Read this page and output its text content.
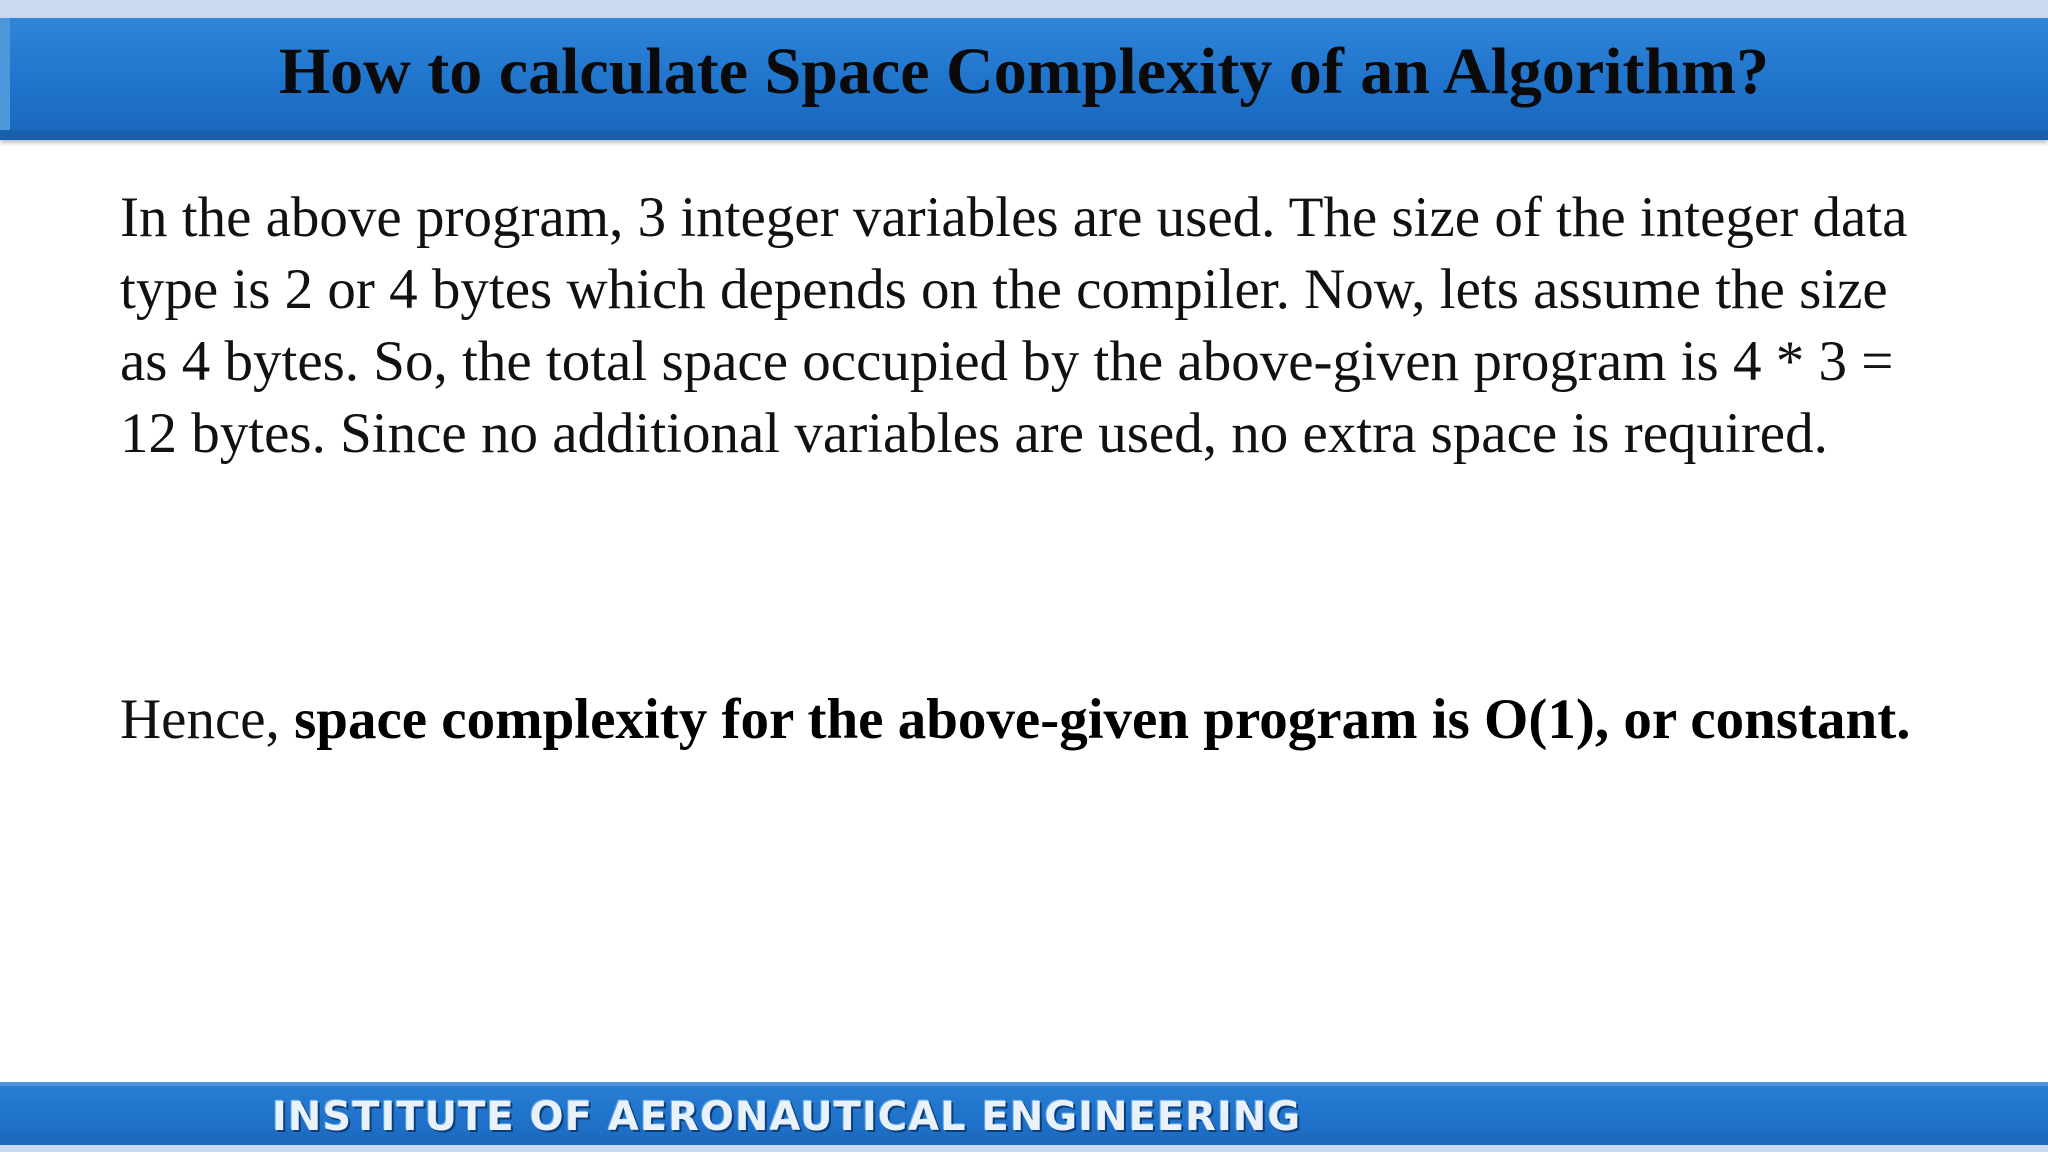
How to calculate Space Complexity of an Algorithm?

In the above program, 3 integer variables are used. The size of the integer data type is 2 or 4 bytes which depends on the compiler. Now, lets assume the size as 4 bytes. So, the total space occupied by the above-given program is 4 * 3 = 12 bytes. Since no additional variables are used, no extra space is required.

Hence, space complexity for the above-given program is O(1), or constant.

INSTITUTE OF AERONAUTICAL ENGINEERING
